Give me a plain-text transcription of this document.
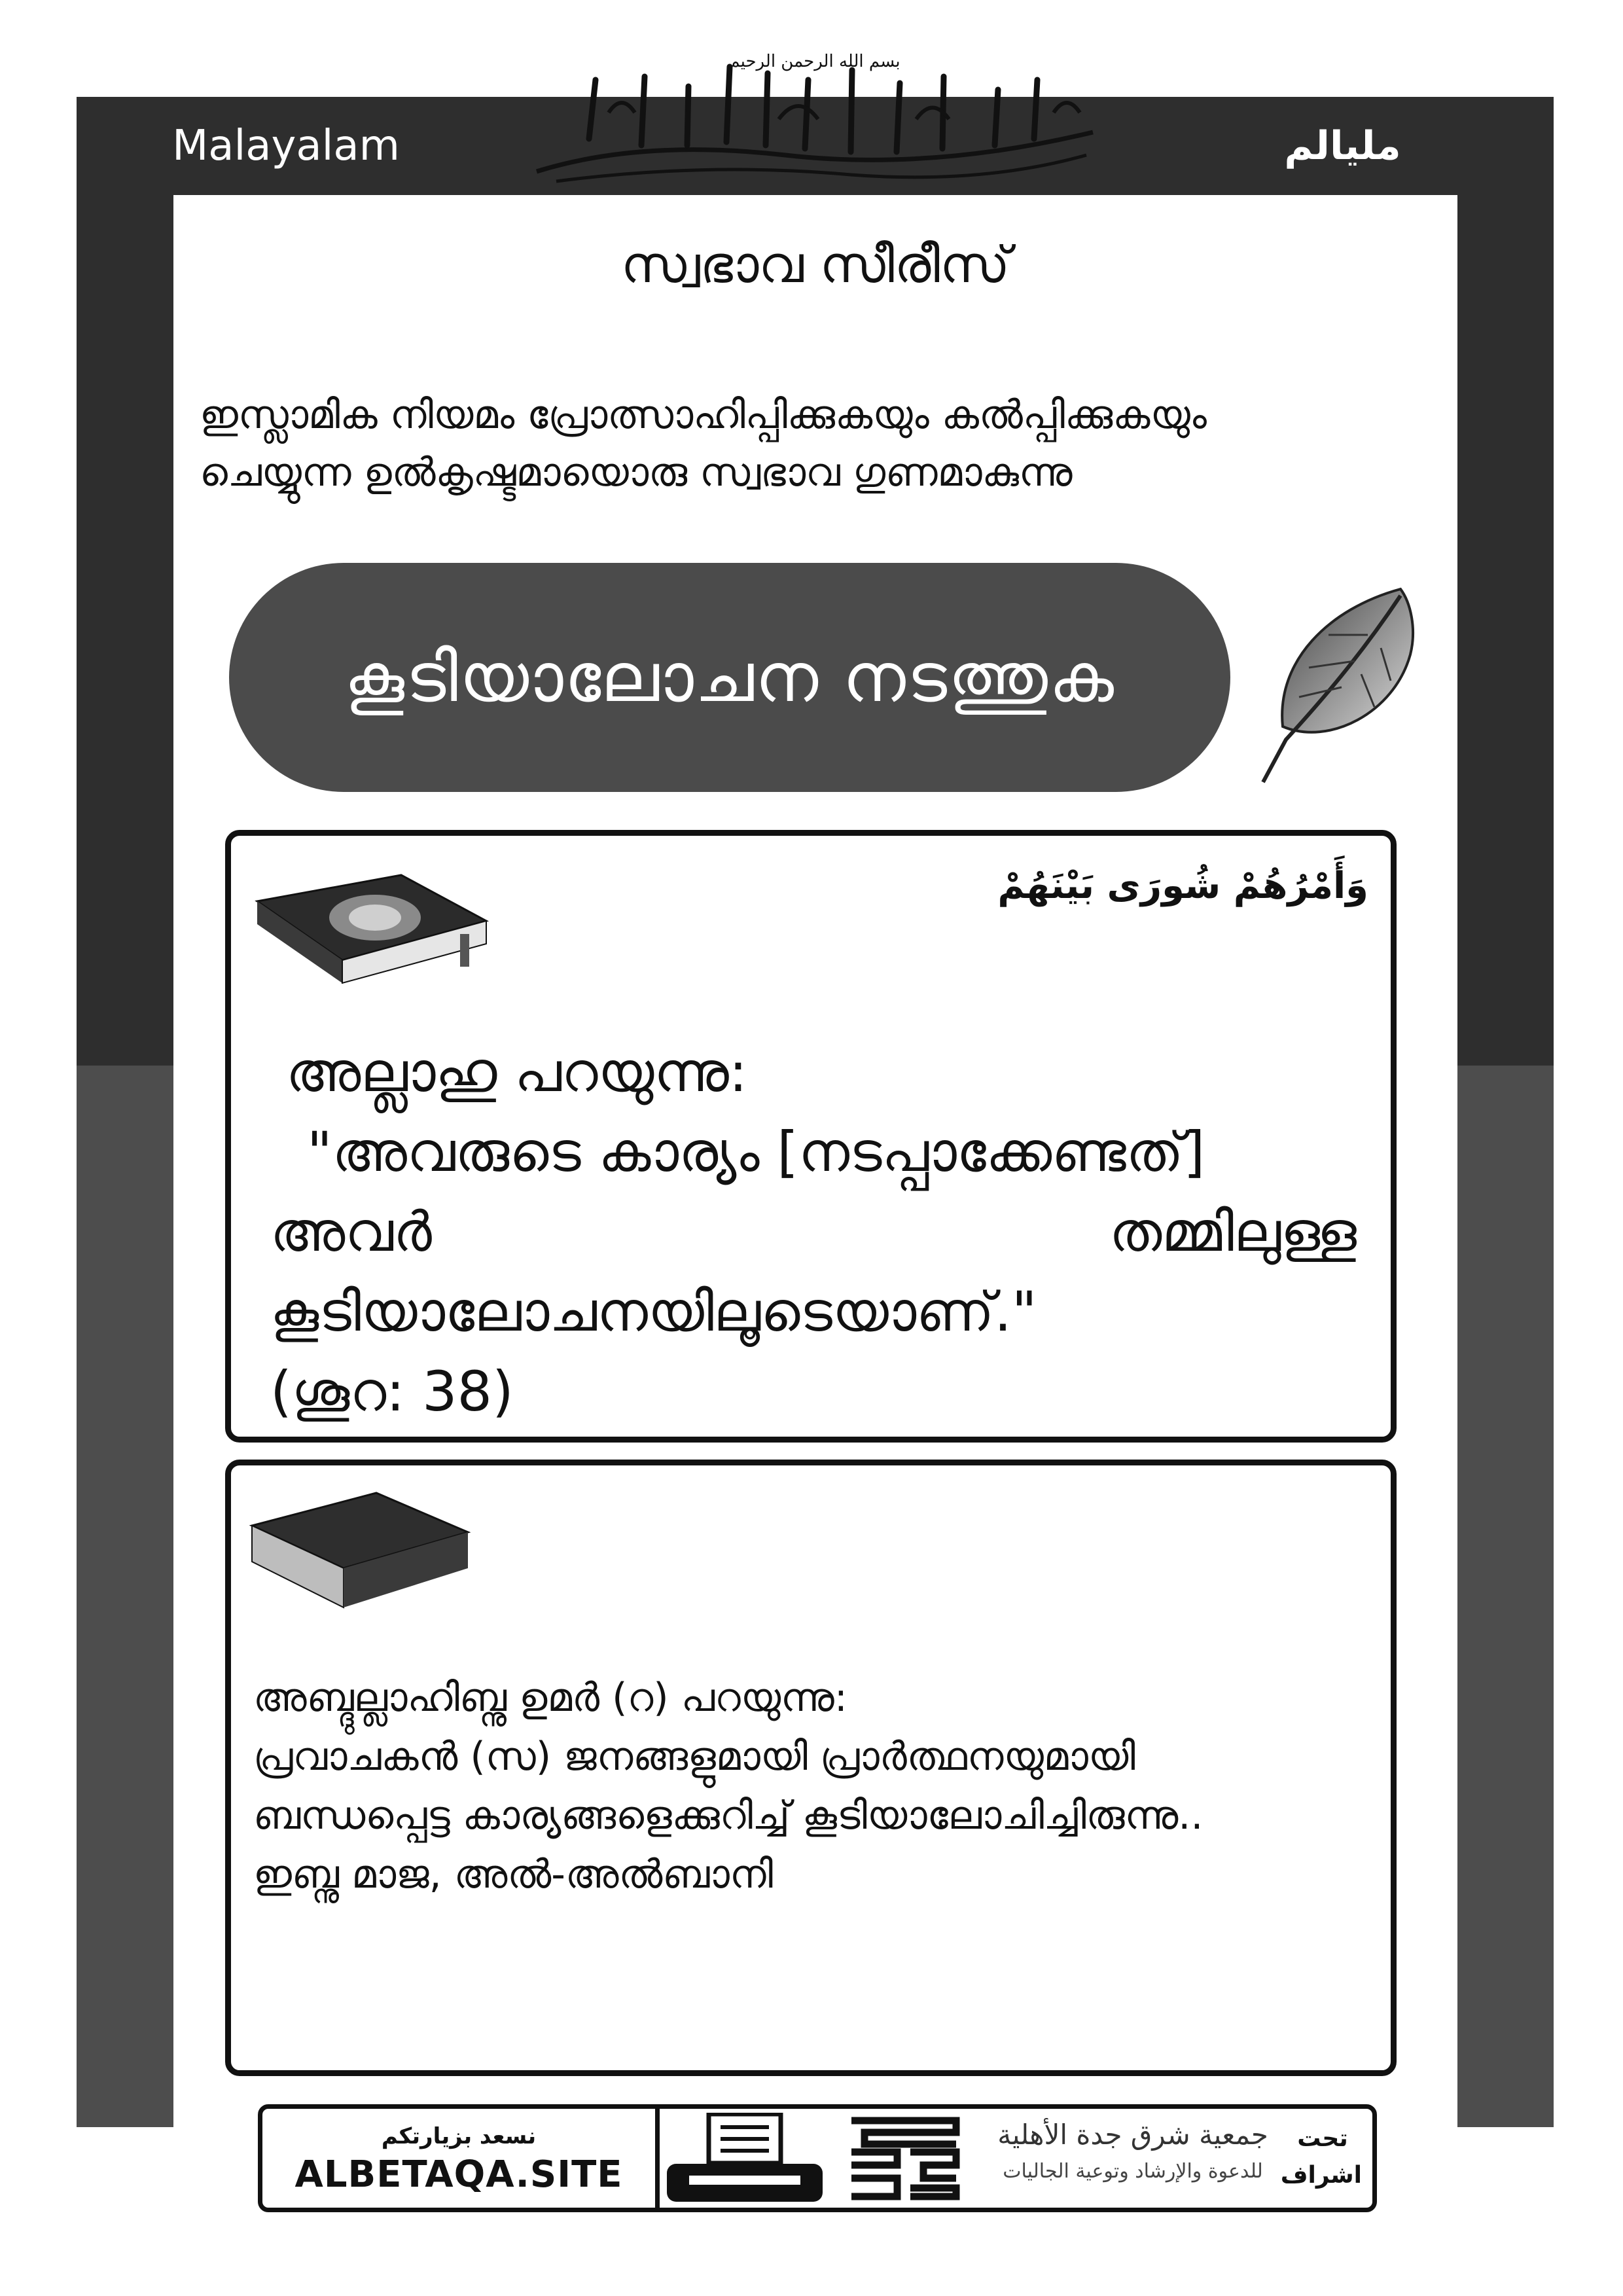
Malayalam	مليالم
بسم الله الرحمن الرحيم
സ്വഭാവ സീരീസ്
ഇസ്ലാമിക നിയമം പ്രോത്സാഹിപ്പിക്കുകയും കൽപ്പിക്കുകയും
ചെയ്യുന്ന ഉൽകൃഷ്ടമായൊരു സ്വഭാവ ഗുണമാകുന്നു
കൂടിയാലോചന നടത്തുക
وَأَمْرُهُمْ شُورَى بَيْنَهُمْ
അല്ലാഹു പറയുന്നു:
"അവരുടെ കാര്യം [നടപ്പാക്കേണ്ടത്]
അവർ	തമ്മിലുള്ള
കൂടിയാലോചനയിലൂടെയാണ്."
(ശൂറ: 38)
അബ്ദുല്ലാഹിബ്നു ഉമർ (റ) പറയുന്നു:
പ്രവാചകൻ (സ) ജനങ്ങളുമായി പ്രാർത്ഥനയുമായി
ബന്ധപ്പെട്ട കാര്യങ്ങളെക്കുറിച്ച് കൂടിയാലോചിച്ചിരുന്നു..
ഇബ്നു മാജ, അൽ-അൽബാനി
نسعد بزيارتكم
ALBETAQA.SITE
الدعوة بالورقة
جمعية شرق جدة الأهلية
للدعوة والإرشاد وتوعية الجاليات
تحت
اشراف
